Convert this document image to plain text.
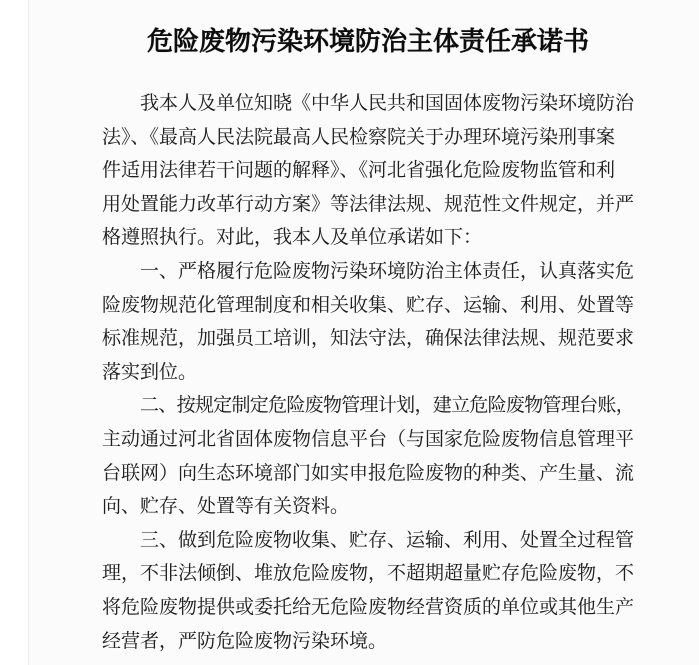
危险废物污染环境防治主体责任承诺书
我本人及单位知晓《中华人民共和国固体废物污染环境防治
法》、《最高人民法院最高人民检察院关于办理环境污染刑事案
件适用法律若干问题的解释》、《河北省强化危险废物监管和利
用处置能力改革行动方案》等法律法规、规范性文件规定，并严
格遵照执行。对此，我本人及单位承诺如下：
一、严格履行危险废物污染环境防治主体责任，认真落实危
险废物规范化管理制度和相关收集、贮存、运输、利用、处置等
标准规范，加强员工培训，知法守法，确保法律法规、规范要求
落实到位。
二、按规定制定危险废物管理计划，建立危险废物管理台账，
主动通过河北省固体废物信息平台（与国家危险废物信息管理平
台联网）向生态环境部门如实申报危险废物的种类、产生量、流
向、贮存、处置等有关资料。
三、做到危险废物收集、贮存、运输、利用、处置全过程管
理，不非法倾倒、堆放危险废物，不超期超量贮存危险废物，不
将危险废物提供或委托给无危险废物经营资质的单位或其他生产
经营者，严防危险废物污染环境。
